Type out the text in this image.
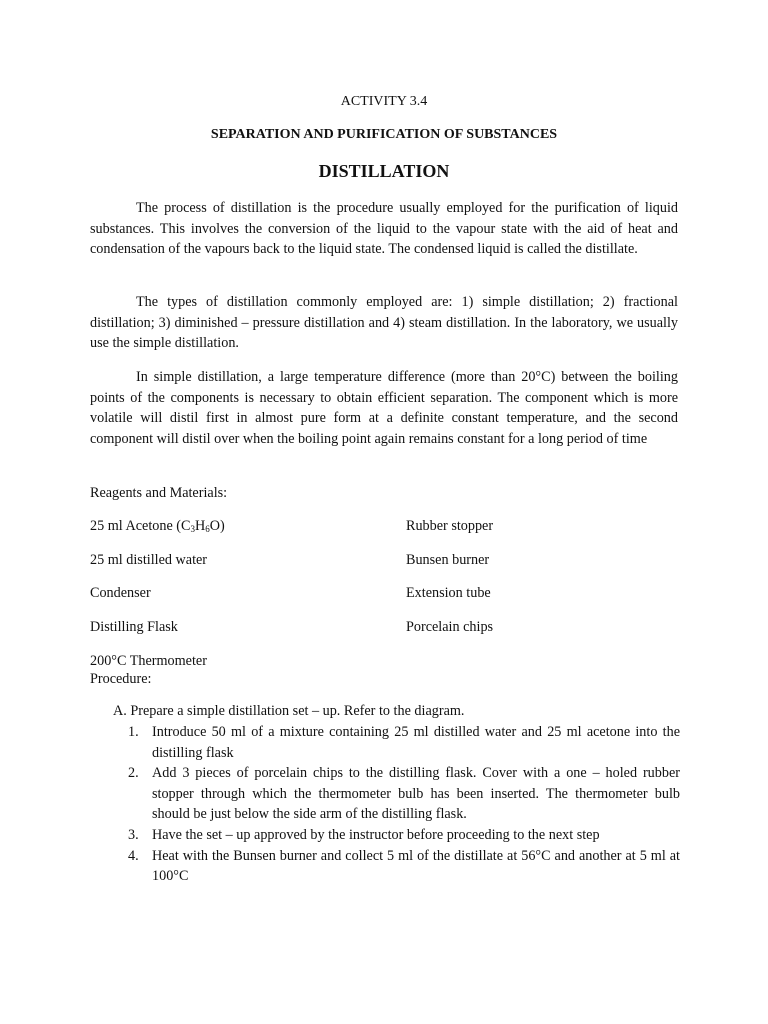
ACTIVITY 3.4
SEPARATION AND PURIFICATION OF SUBSTANCES
DISTILLATION

The process of distillation is the procedure usually employed for the purification of liquid substances. This involves the conversion of the liquid to the vapour state with the aid of heat and condensation of the vapours back to the liquid state. The condensed liquid is called the distillate.

The types of distillation commonly employed are: 1) simple distillation; 2) fractional distillation; 3) diminished – pressure distillation and 4) steam distillation. In the laboratory, we usually use the simple distillation.

In simple distillation, a large temperature difference (more than 20°C) between the boiling points of the components is necessary to obtain efficient separation. The component which is more volatile will distil first in almost pure form at a definite constant temperature, and the second component will distil over when the boiling point again remains constant for a long period of time

Reagents and Materials:
25 ml Acetone $(C_3H_6O)$	Rubber stopper
25 ml distilled water	Bunsen burner
Condenser	Extension tube
Distilling Flask	Porcelain chips
200°C Thermometer
Procedure:
A. Prepare a simple distillation set – up. Refer to the diagram.
1. Introduce 50 ml of a mixture containing 25 ml distilled water and 25 ml acetone into the distilling flask
2. Add 3 pieces of porcelain chips to the distilling flask. Cover with a one – holed rubber stopper through which the thermometer bulb has been inserted. The thermometer bulb should be just below the side arm of the distilling flask.
3. Have the set – up approved by the instructor before proceeding to the next step
4. Heat with the Bunsen burner and collect 5 ml of the distillate at 56°C and another at 5 ml at 100°C
